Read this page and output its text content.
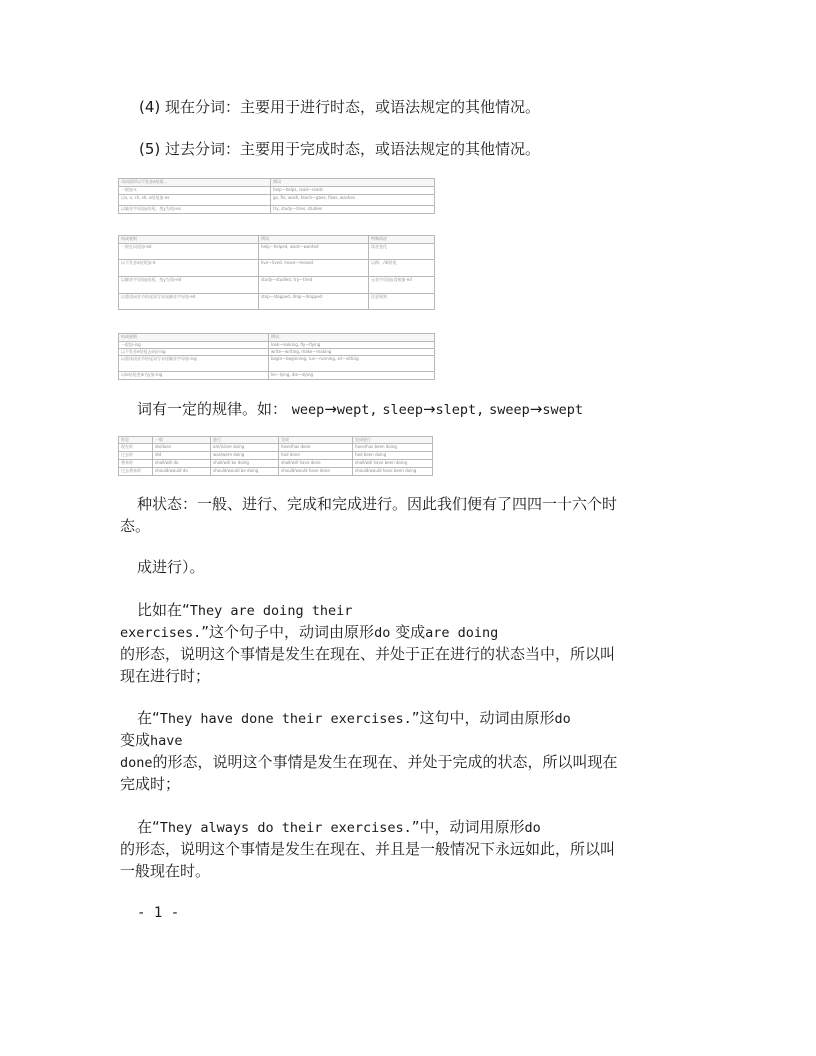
(4) 现在分词：主要用于进行时态，或语法规定的其他情况。
(5) 过去分词：主要用于完成时态，或语法规定的其他情况。
动词原形以不发音e结尾…	例词
一般加-s	help—helps, read—reads
以s, x, ch, sh, o结尾加-es	go, fix, wash, teach—goes, fixes, washes
以辅音字母加y结尾，变y为i加-es	try, study—tries, studies
构成规则	例词	特殊情况
一般在词尾加-ed	help—helped, want—wanted	读音变化
以不发音e结尾加-d	live—lived, move—moved	以/t/、/d/结尾
以辅音字母加y结尾，变y为i加-ed	study—studied, try—tried	元音字母加y直接加-ed
以重读闭音节结尾双写末尾辅音字母加-ed	stop—stopped, drop—dropped	注意规则
构成规则	例词
一般加-ing	look—looking, fly—flying
以不发音e结尾去e加-ing	write—writing, make—making
以重读闭音节结尾双写末尾辅音字母加-ing	begin—beginning, run—running, sit—sitting
以ie结尾变ie为y加-ing	lie—lying, die—dying
词有一定的规律。如： weep→wept, sleep→slept, sweep→swept
时态	一般	进行	完成	完成进行
现在时	do/does	am/is/are doing	have/has done	have/has been doing
过去时	did	was/were doing	had done	had been doing
将来时	shall/will do	shall/will be doing	shall/will have done	shall/will have been doing
过去将来时	should/would do	should/would be doing	should/would have done	should/would have been doing
种状态：一般、进行、完成和完成进行。因此我们便有了四四一十六个时
态。
成进行）。
比如在“They are doing their
exercises.”这个句子中，动词由原形do 变成are doing
的形态，说明这个事情是发生在现在、并处于正在进行的状态当中，所以叫
现在进行时；
在“They have done their exercises.”这句中，动词由原形do
变成have
done的形态，说明这个事情是发生在现在、并处于完成的状态，所以叫现在
完成时；
在“They always do their exercises.”中，动词用原形do
的形态，说明这个事情是发生在现在、并且是一般情况下永远如此，所以叫
一般现在时。
- 1 -
